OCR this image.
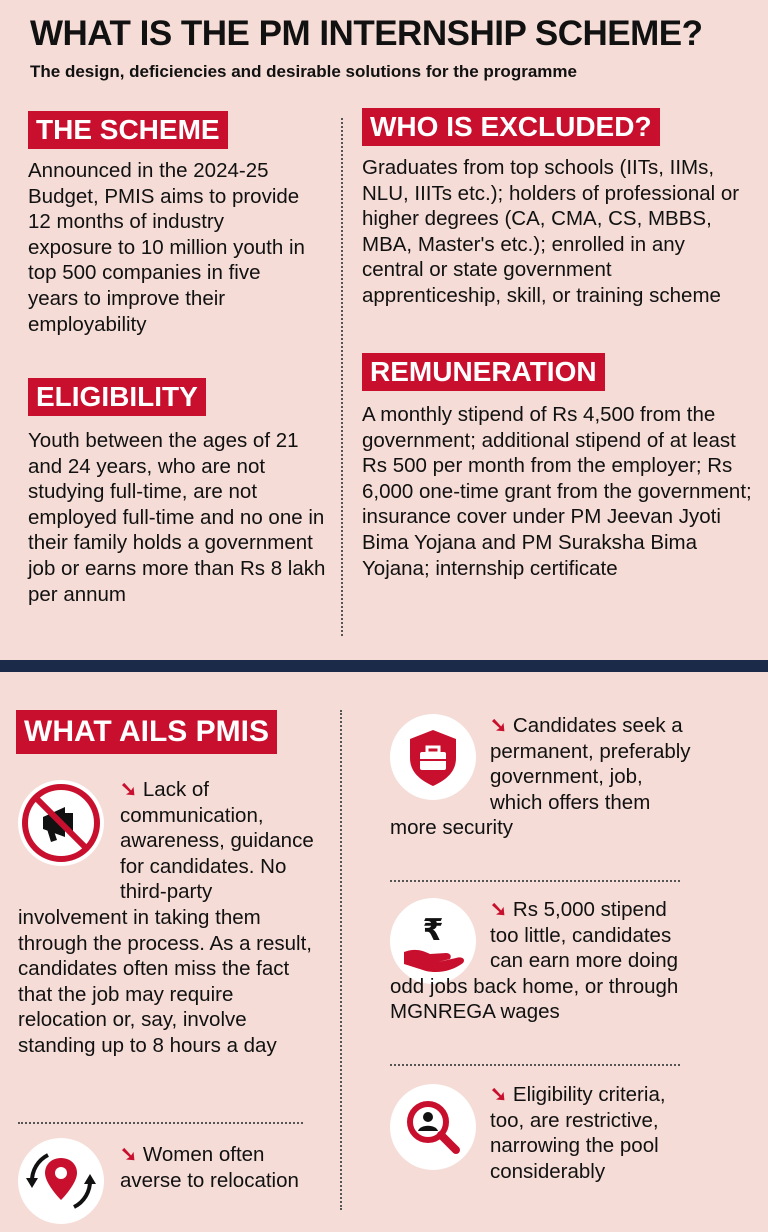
WHAT IS THE PM INTERNSHIP SCHEME?
The design, deficiencies and desirable solutions for the programme
THE SCHEME
Announced in the 2024-25 Budget, PMIS aims to provide 12 months of industry exposure to 10 million youth in top 500 companies in five years to improve their employability
ELIGIBILITY
Youth between the ages of 21 and 24 years, who are not studying full-time, are not employed full-time and no one in their family holds a government job or earns more than Rs 8 lakh per annum
WHO IS EXCLUDED?
Graduates from top schools (IITs, IIMs, NLU, IIITs etc.); holders of professional or higher degrees (CA, CMA, CS, MBBS, MBA, Master's etc.); enrolled in any central or state government apprenticeship, skill, or training scheme
REMUNERATION
A monthly stipend of Rs 4,500 from the government; additional stipend of at least Rs 500 per month from the employer; Rs 6,000 one-time grant from the government; insurance cover under PM Jeevan Jyoti Bima Yojana and PM Suraksha Bima Yojana; internship certificate
WHAT AILS PMIS
➘ Lack of communication, awareness, guidance for candidates. No third-party involvement in taking them through the process. As a result, candidates often miss the fact that the job may require relocation or, say, involve standing up to 8 hours a day
➘ Women often averse to relocation
➘ Candidates seek a permanent, preferably government, job, which offers them more security
₹
➘ Rs 5,000 stipend too little, candidates can earn more doing odd jobs back home, or through MGNREGA wages
➘ Eligibility criteria, too, are restrictive, narrowing the pool considerably
